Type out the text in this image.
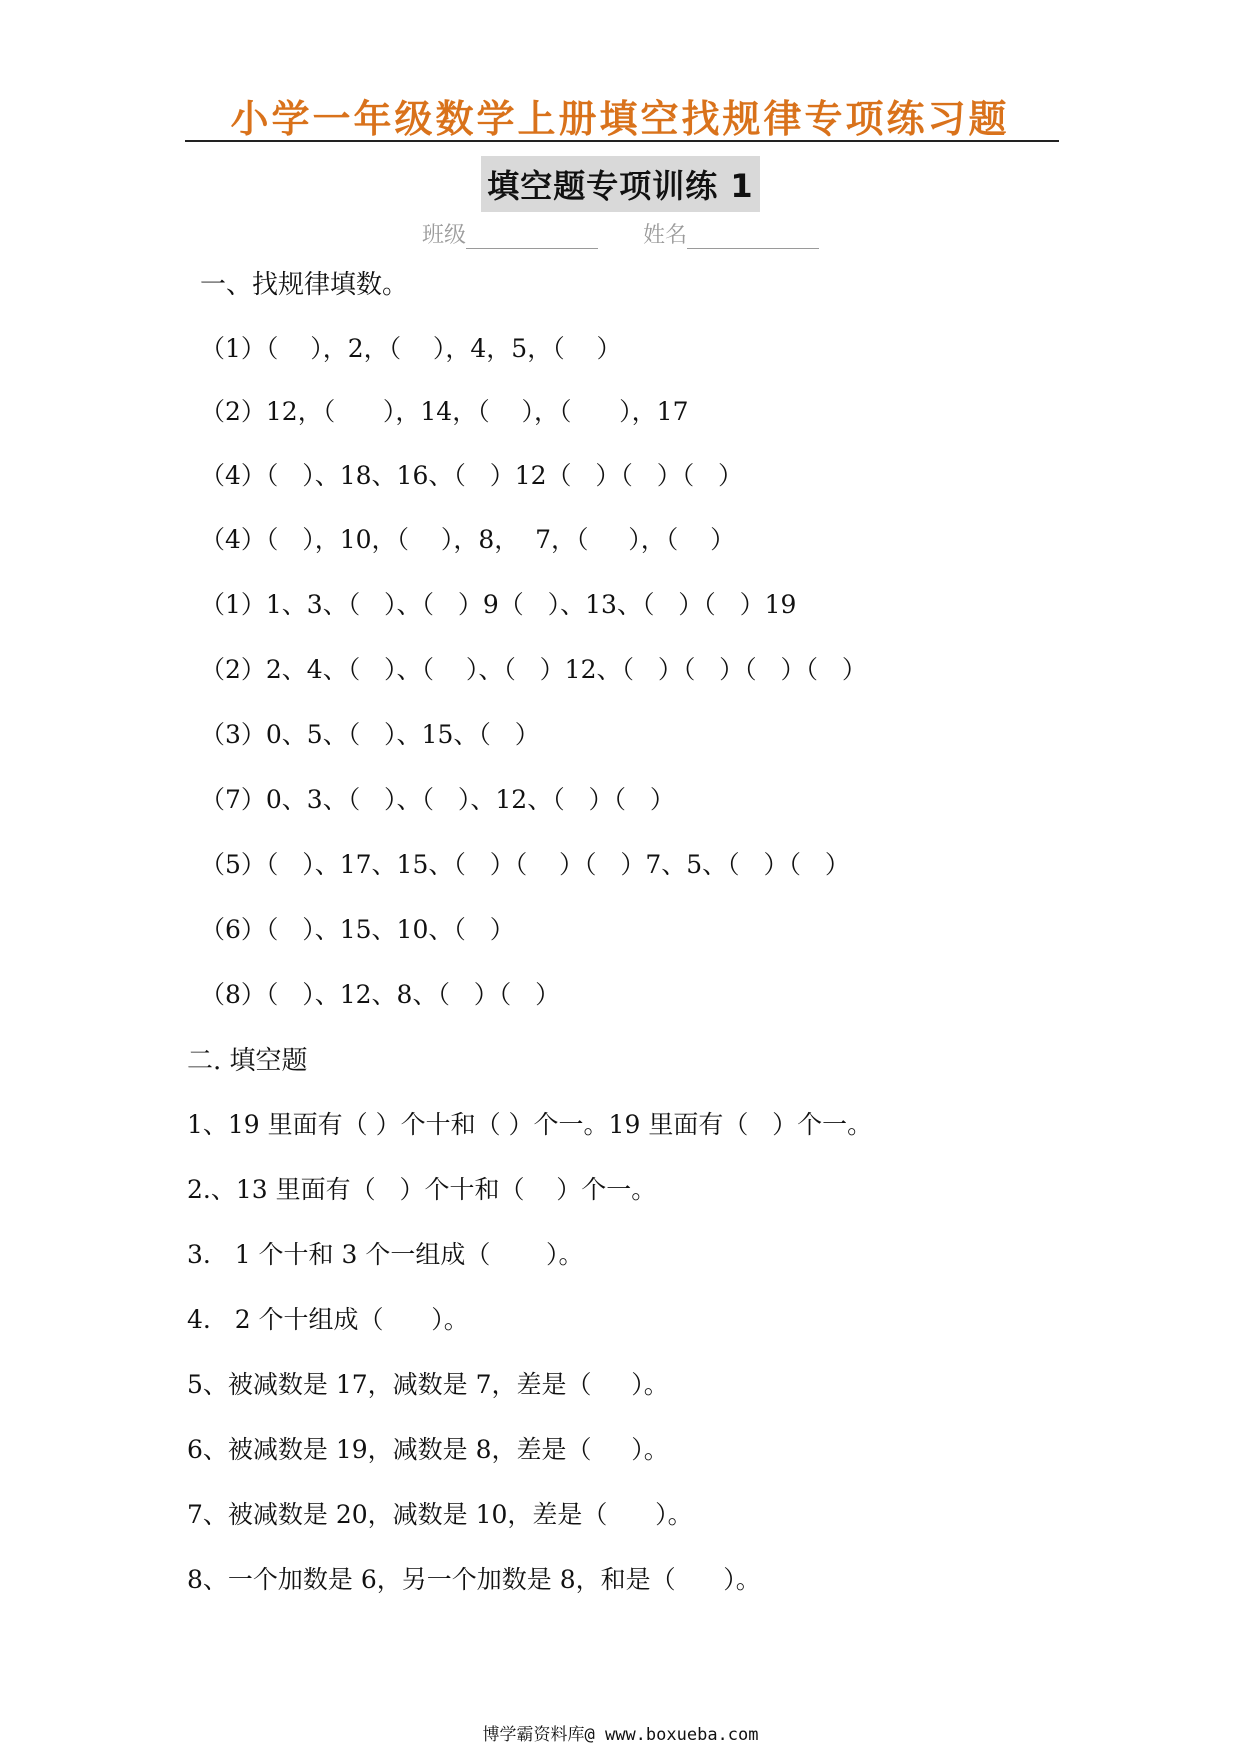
小学一年级数学上册填空找规律专项练习题
填空题专项训练 1
班级	姓名
一、找规律填数。
（1）（    ），2，（    ），4，5，（    ）
（2）12，（      ），14，（    ），（      ），17
（4）（   ）、18、16、（   ）12（   ）（   ）（   ）
（4）（   ），10，（    ），8，  7，（     ），（    ）
（1）1、3、（   ）、（   ）9（   ）、13、（   ）（   ）19
（2）2、4、（   ）、（    ）、（   ）12、（   ）（   ）（   ）（   ）
（3）0、5、（   ）、15、（   ）
（7）0、3、（   ）、（   ）、12、（   ）（   ）
（5）（   ）、17、15、（   ）（    ）（   ）7、5、（   ）（   ）
（6）（   ）、15、10、（   ）
（8）（   ）、12、8、（   ）（   ）
二. 填空题
1、19 里面有（ ）个十和（ ）个一。19 里面有（   ）个一。
2.、13 里面有（   ）个十和（    ）个一。
3.   1 个十和 3 个一组成（       ）。
4.   2 个十组成（      ）。
5、被减数是 17，减数是 7，差是（     ）。
6、被减数是 19，减数是 8，差是（     ）。
7、被减数是 20，减数是 10，差是（      ）。
8、一个加数是 6，另一个加数是 8，和是（      ）。
博学霸资料库@ www.boxueba.com
